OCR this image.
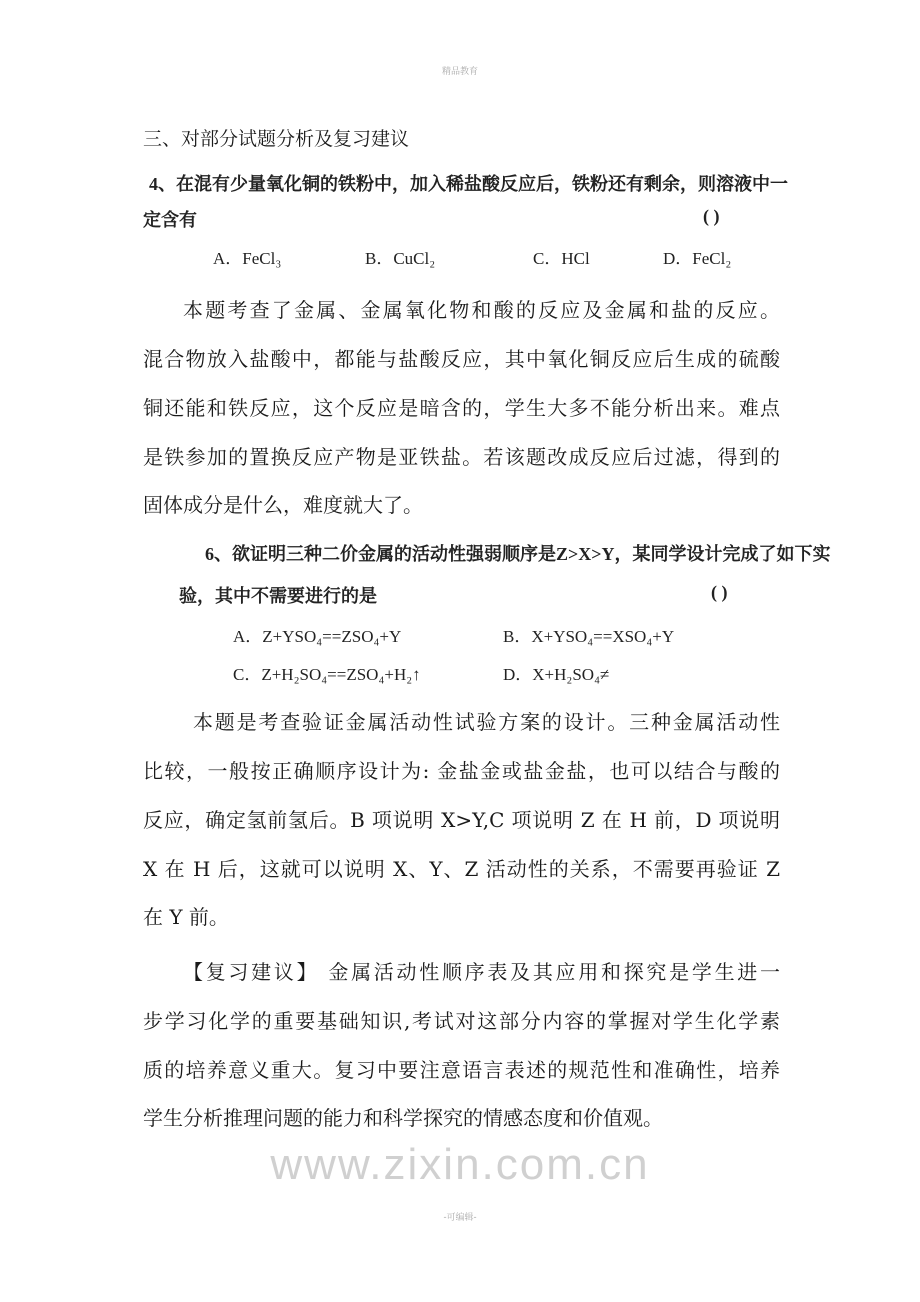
精品教育
三、对部分试题分析及复习建议
4、在混有少量氧化铜的铁粉中，加入稀盐酸反应后，铁粉还有剩余，则溶液中一
定含有	( )
A．FeCl₃	B．CuCl₂	C．HCl	D．FeCl₂
本题考查了金属、金属氧化物和酸的反应及金属和盐的反应。
混合物放入盐酸中，都能与盐酸反应，其中氧化铜反应后生成的硫酸
铜还能和铁反应，这个反应是暗含的，学生大多不能分析出来。难点
是铁参加的置换反应产物是亚铁盐。若该题改成反应后过滤，得到的
固体成分是什么，难度就大了。
6、欲证明三种二价金属的活动性强弱顺序是Z>X>Y，某同学设计完成了如下实
验，其中不需要进行的是	( )
A．Z+YSO₄==ZSO₄+Y	B．X+YSO₄==XSO₄+Y
C．Z+H₂SO₄==ZSO₄+H₂↑	D．X+H₂SO₄≠
本题是考查验证金属活动性试验方案的设计。三种金属活动性
比较，一般按正确顺序设计为: 金盐金或盐金盐，也可以结合与酸的
反应，确定氢前氢后。B 项说明 X>Y,C 项说明 Z 在 H 前，D 项说明
X 在 H 后，这就可以说明 X、Y、Z 活动性的关系，不需要再验证 Z
在 Y 前。
【复习建议】 金属活动性顺序表及其应用和探究是学生进一
步学习化学的重要基础知识,考试对这部分内容的掌握对学生化学素
质的培养意义重大。复习中要注意语言表述的规范性和准确性，培养
学生分析推理问题的能力和科学探究的情感态度和价值观。
www.zixin.com.cn
-可编辑-
